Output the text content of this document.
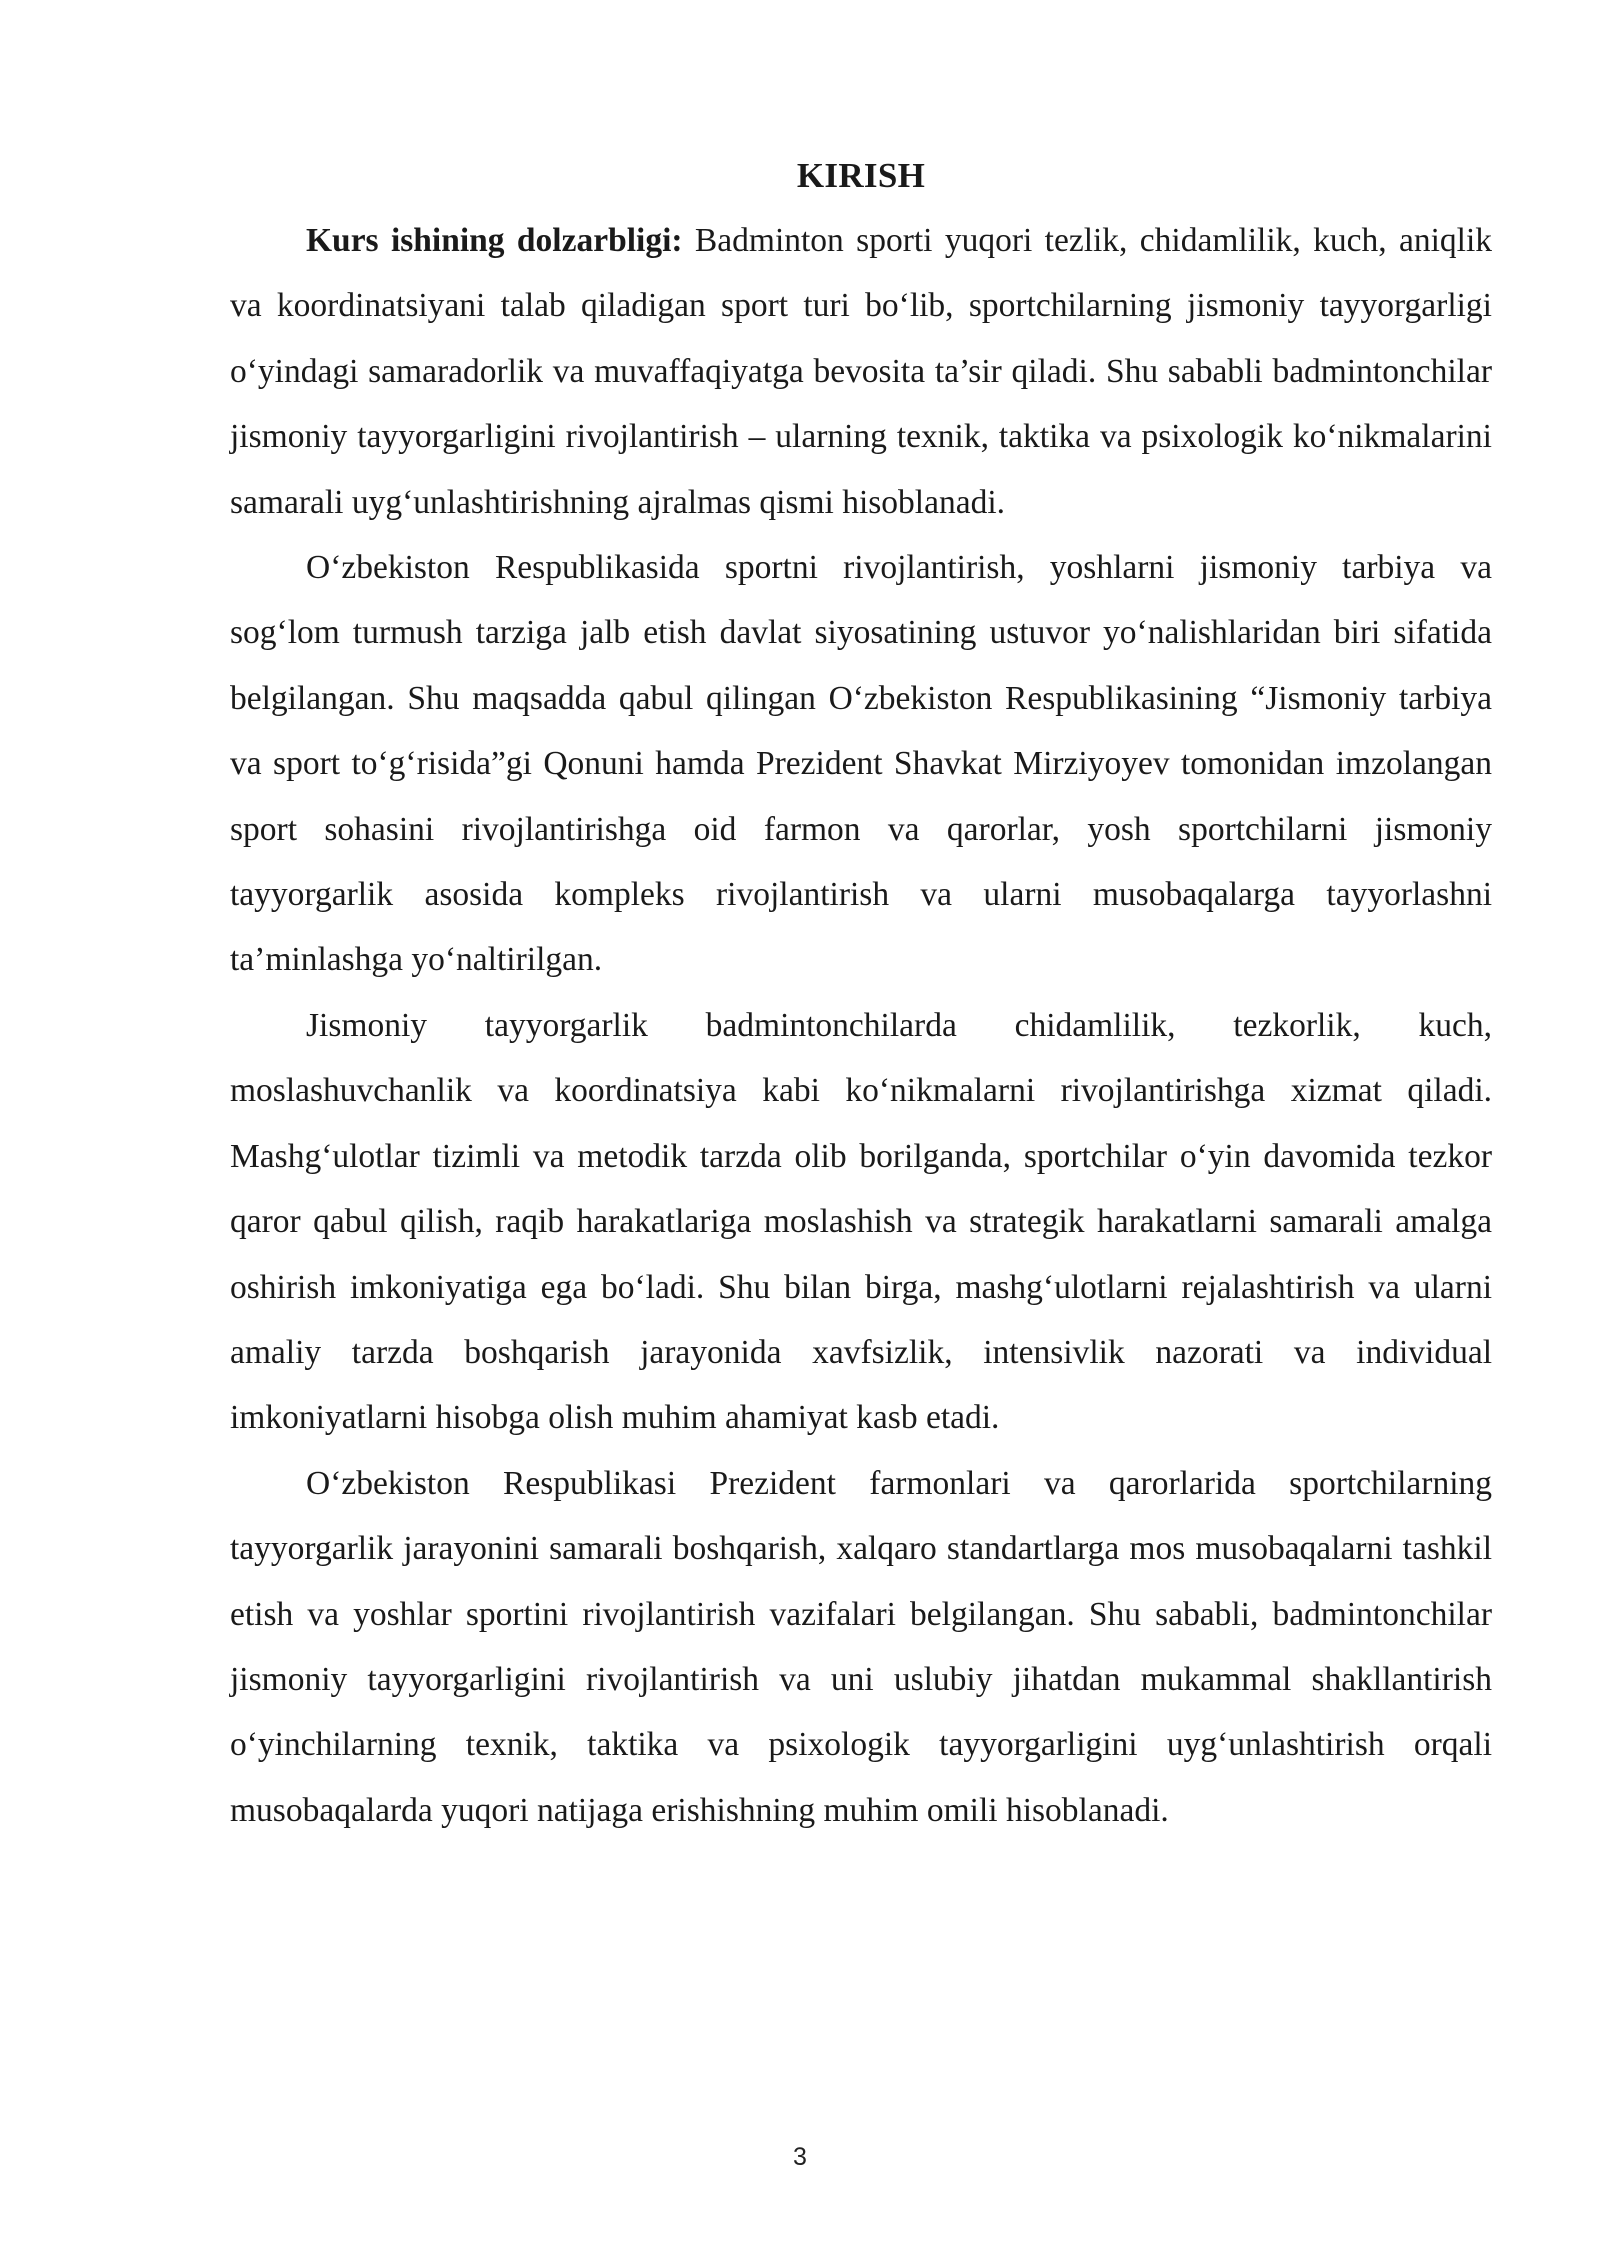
KIRISH

Kurs ishining dolzarbligi: Badminton sporti yuqori tezlik, chidamlilik, kuch, aniqlik va koordinatsiyani talab qiladigan sport turi bo‘lib, sportchilarning jismoniy tayyorgarligi o‘yindagi samaradorlik va muvaffaqiyatga bevosita ta’sir qiladi. Shu sababli badmintonchilar jismoniy tayyorgarligini rivojlantirish – ularning texnik, taktika va psixologik ko‘nikmalarini samarali uyg‘unlashtirishning ajralmas qismi hisoblanadi.

O‘zbekiston Respublikasida sportni rivojlantirish, yoshlarni jismoniy tarbiya va sog‘lom turmush tarziga jalb etish davlat siyosatining ustuvor yo‘nalishlaridan biri sifatida belgilangan. Shu maqsadda qabul qilingan O‘zbekiston Respublikasining “Jismoniy tarbiya va sport to‘g‘risida”gi Qonuni hamda Prezident Shavkat Mirziyoyev tomonidan imzolangan sport sohasini rivojlantirishga oid farmon va qarorlar, yosh sportchilarni jismoniy tayyorgarlik asosida kompleks rivojlantirish va ularni musobaqalarga tayyorlashni ta’minlashga yo‘naltirilgan.

Jismoniy tayyorgarlik badmintonchilarda chidamlilik, tezkorlik, kuch, moslashuvchanlik va koordinatsiya kabi ko‘nikmalarni rivojlantirishga xizmat qiladi. Mashg‘ulotlar tizimli va metodik tarzda olib borilganda, sportchilar o‘yin davomida tezkor qaror qabul qilish, raqib harakatlariga moslashish va strategik harakatlarni samarali amalga oshirish imkoniyatiga ega bo‘ladi. Shu bilan birga, mashg‘ulotlarni rejalashtirish va ularni amaliy tarzda boshqarish jarayonida xavfsizlik, intensivlik nazorati va individual imkoniyatlarni hisobga olish muhim ahamiyat kasb etadi.

O‘zbekiston Respublikasi Prezident farmonlari va qarorlarida sportchilarning tayyorgarlik jarayonini samarali boshqarish, xalqaro standartlarga mos musobaqalarni tashkil etish va yoshlar sportini rivojlantirish vazifalari belgilangan. Shu sababli, badmintonchilar jismoniy tayyorgarligini rivojlantirish va uni uslubiy jihatdan mukammal shakllantirish o‘yinchilarning texnik, taktika va psixologik tayyorgarligini uyg‘unlashtirish orqali musobaqalarda yuqori natijaga erishishning muhim omili hisoblanadi.

3
